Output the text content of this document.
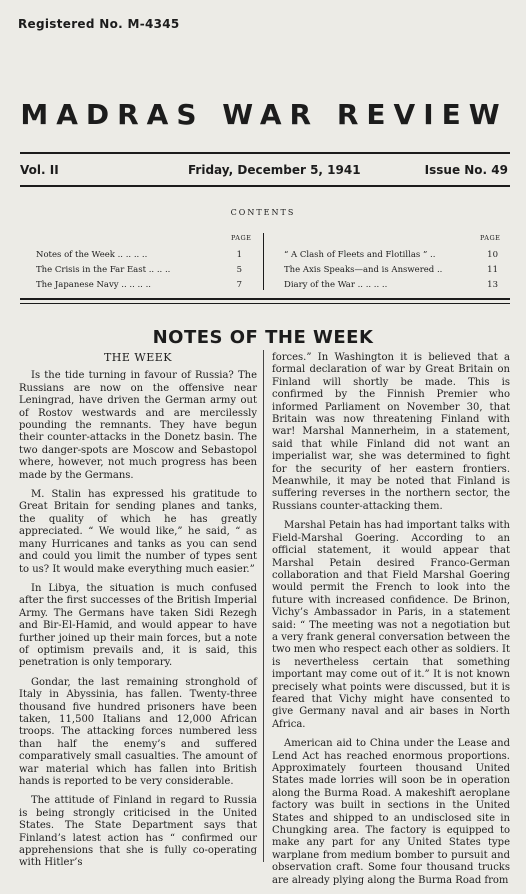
Registered No. M-4345
MADRAS WAR REVIEW
Vol. II	Friday, December 5, 1941	Issue No. 49
CONTENTS
PAGE
Notes of the Week .. .. .. ..	1
The Crisis in the Far East .. .. ..	5
The Japanese Navy .. .. .. ..	7
PAGE
“ A Clash of Fleets and Flotillas ” ..	10
The Axis Speaks—and is Answered ..	11
Diary of the War .. .. .. ..	13
NOTES OF THE WEEK
THE WEEK

Is the tide turning in favour of Russia? The Russians are now on the offensive near Leningrad, have driven the German army out of Rostov westwards and are mercilessly pounding the remnants. They have begun their counter-attacks in the Donetz basin. The two danger-spots are Moscow and Sebastopol where, however, not much progress has been made by the Germans.

M. Stalin has expressed his gratitude to Great Britain for sending planes and tanks, the quality of which he has greatly appreciated. “ We would like,” he said, “ as many Hurricanes and tanks as you can send and could you limit the number of types sent to us? It would make everything much easier.”

In Libya, the situation is much confused after the first successes of the British Imperial Army. The Germans have taken Sidi Rezegh and Bir-El-Hamid, and would appear to have further joined up their main forces, but a note of optimism prevails and, it is said, this penetration is only temporary.

Gondar, the last remaining stronghold of Italy in Abyssinia, has fallen. Twenty-three thousand five hundred prisoners have been taken, 11,500 Italians and 12,000 African troops. The attacking forces numbered less than half the enemy’s and suffered comparatively small casualties. The amount of war material which has fallen into British hands is reported to be very considerable.

The attitude of Finland in regard to Russia is being strongly criticised in the United States. The State Department says that Finland’s latest action has “ confirmed our apprehensions that she is fully co-operating with Hitler’s

forces.” In Washington it is believed that a formal declaration of war by Great Britain on Finland will shortly be made. This is confirmed by the Finnish Premier who informed Parliament on November 30, that Britain was now threatening Finland with war! Marshal Mannerheim, in a statement, said that while Finland did not want an imperialist war, she was determined to fight for the security of her eastern frontiers. Meanwhile, it may be noted that Finland is suffering reverses in the northern sector, the Russians counter-attacking them.

Marshal Petain has had important talks with Field-Marshal Goering. According to an official statement, it would appear that Marshal Petain desired Franco-German collaboration and that Field Marshal Goering would permit the French to look into the future with increased confidence. De Brinon, Vichy’s Ambassador in Paris, in a statement said: “ The meeting was not a negotiation but a very frank general conversation between the two men who respect each other as soldiers. It is nevertheless certain that something important may come out of it.” It is not known precisely what points were discussed, but it is feared that Vichy might have consented to give Germany naval and air bases in North Africa.

American aid to China under the Lease and Lend Act has reached enormous proportions. Approximately fourteen thousand United States made lorries will soon be in operation along the Burma Road. A makeshift aeroplane factory was built in sections in the United States and shipped to an undisclosed site in Chungking area. The factory is equipped to make any part for any United States type warplane from medium bomber to pursuit and observation craft. Some four thousand trucks are already plying along the Burma Road from
